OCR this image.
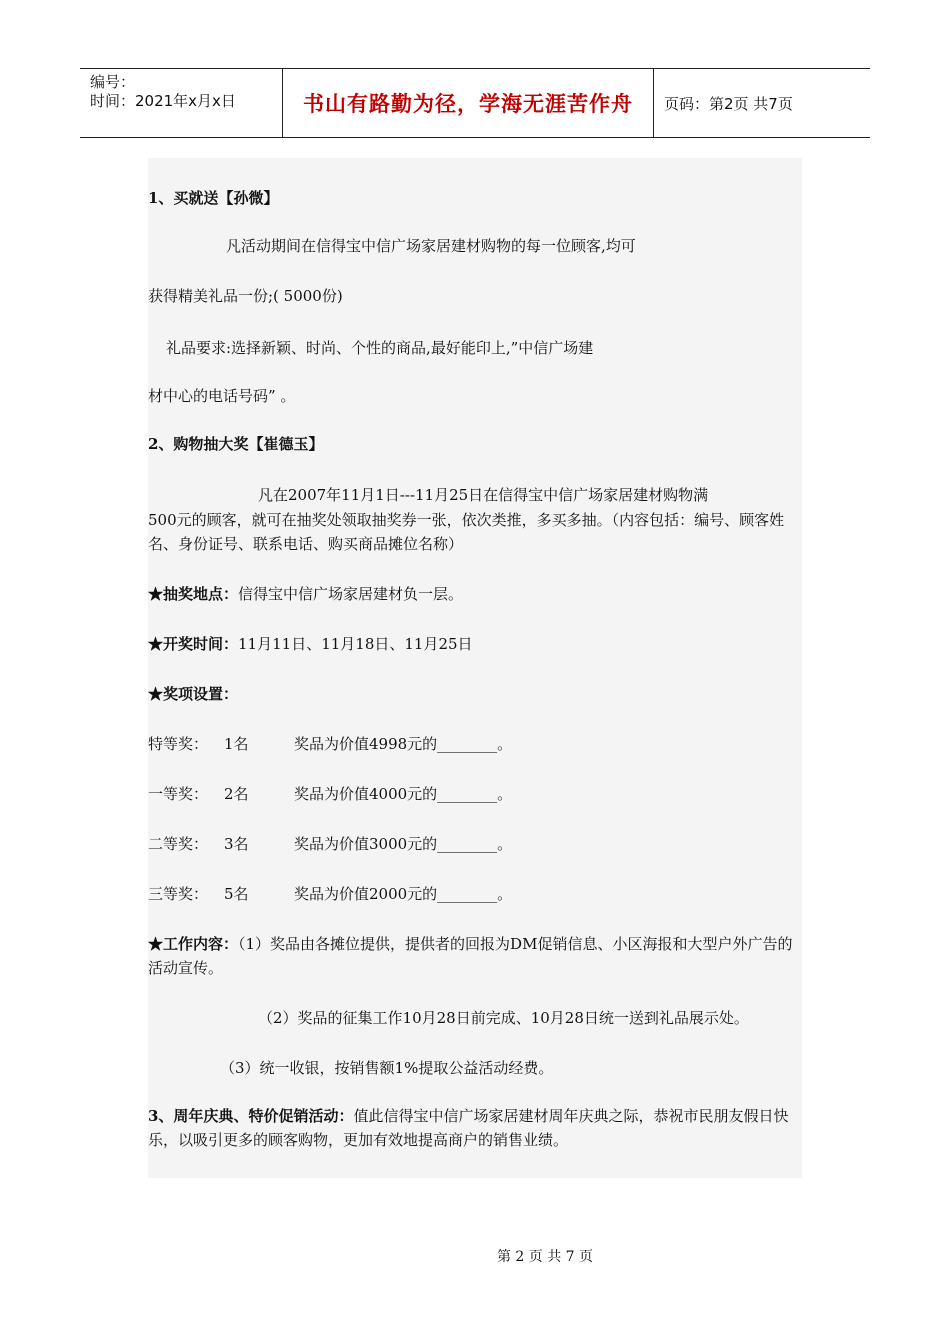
编号：
时间：2021年x月x日	书山有路勤为径，学海无涯苦作舟 页码：第2页 共7页
1、买就送【孙微】
凡活动期间在信得宝中信广场家居建材购物的每一位顾客,均可
获得精美礼品一份;( 5000份)
礼品要求:选择新颖、时尚、个性的商品,最好能印上,”中信广场建
材中心的电话号码” 。
2、购物抽大奖【崔德玉】
凡在2007年11月1日---11月25日在信得宝中信广场家居建材购物满
500元的顾客，就可在抽奖处领取抽奖券一张，依次类推，多买多抽。（内容包括：编号、顾客姓名、身份证号、联系电话、购买商品摊位名称）
★抽奖地点：信得宝中信广场家居建材负一层。
★开奖时间：11月11日、11月18日、11月25日
★奖项设置：
特等奖： 1名	奖品为价值4998元的________。
一等奖： 2名	奖品为价值4000元的________。
二等奖： 3名	奖品为价值3000元的________。
三等奖： 5名	奖品为价值2000元的________。
★工作内容：（1）奖品由各摊位提供，提供者的回报为DM促销信息、小区海报和大型户外广告的活动宣传。
（2）奖品的征集工作10月28日前完成、10月28日统一送到礼品展示处。
（3）统一收银，按销售额1%提取公益活动经费。
3、周年庆典、特价促销活动：值此信得宝中信广场家居建材周年庆典之际，恭祝市民朋友假日快乐，以吸引更多的顾客购物，更加有效地提高商户的销售业绩。
第 2 页 共 7 页
